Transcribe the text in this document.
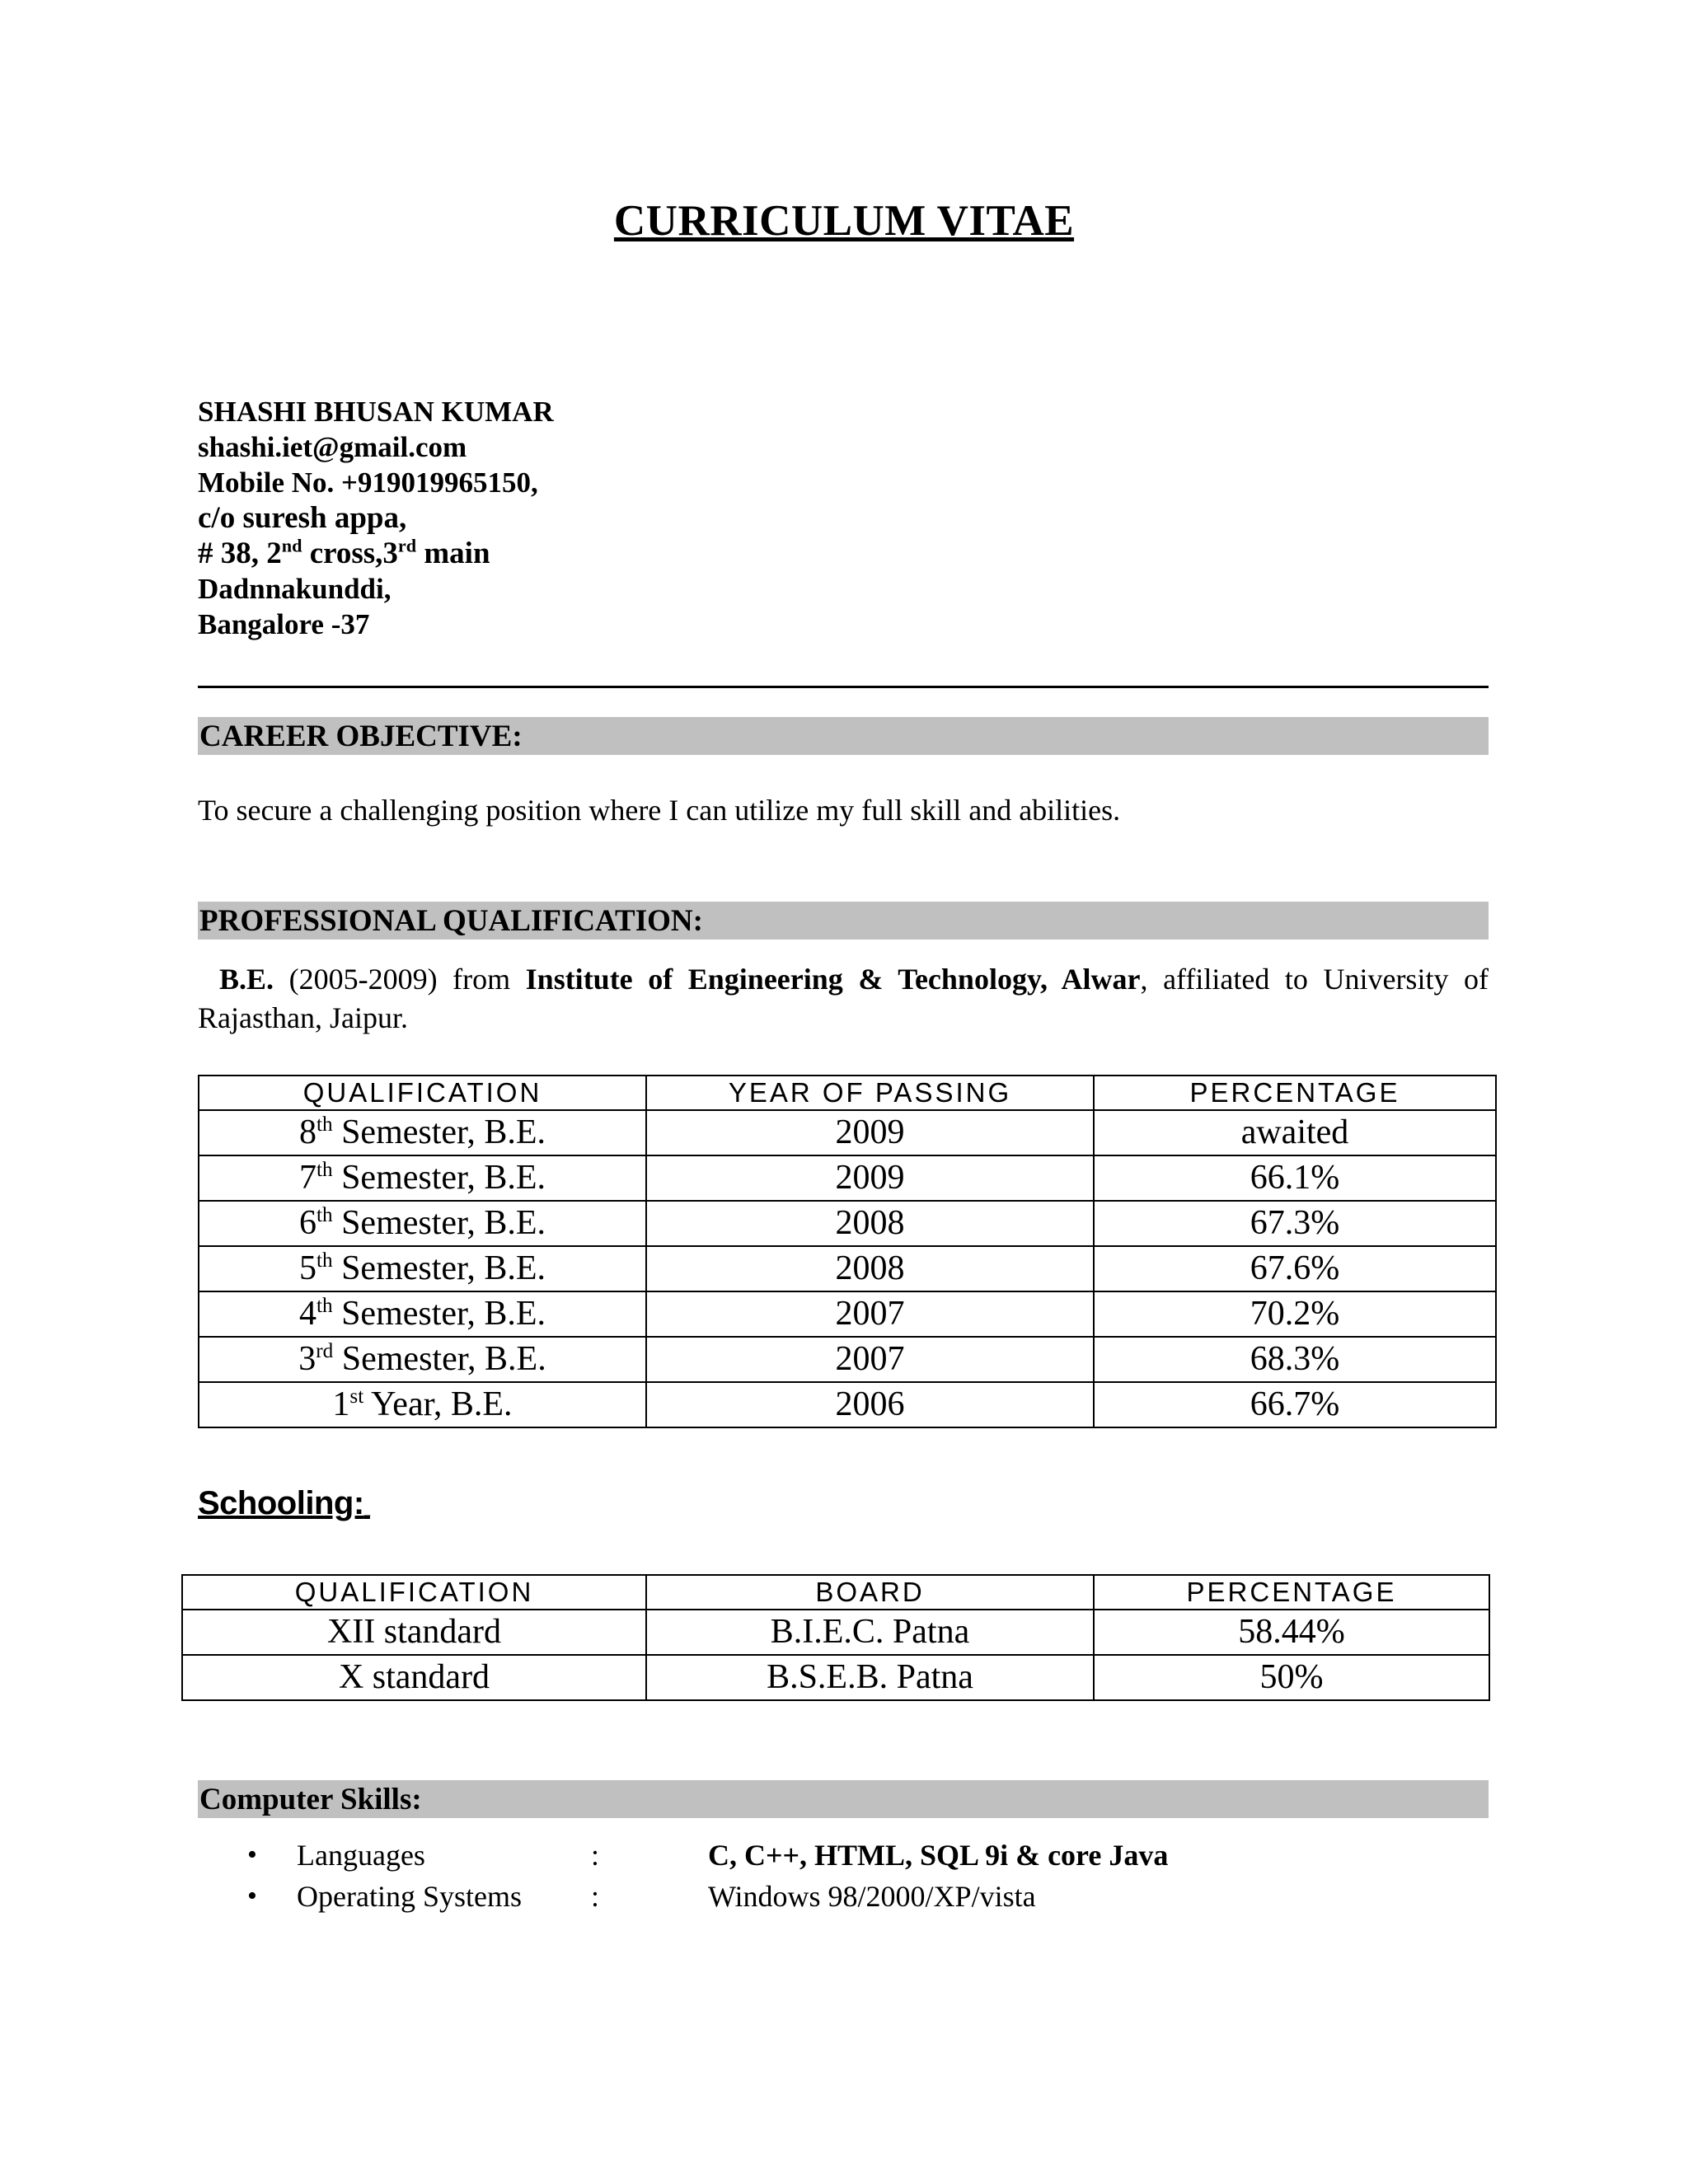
CURRICULUM VITAE
SHASHI BHUSAN KUMAR
shashi.iet@gmail.com
Mobile No. +919019965150,
c/o suresh appa,
# 38, 2nd cross,3rd main
Dadnnakunddi,
Bangalore -37
CAREER OBJECTIVE:
To secure a challenging position where I can utilize my full skill and abilities.
PROFESSIONAL QUALIFICATION:
B.E. (2005-2009) from Institute of Engineering & Technology, Alwar, affiliated to University of Rajasthan, Jaipur.
QUALIFICATION	YEAR OF PASSING	PERCENTAGE
8th Semester, B.E.	2009	awaited
7th Semester, B.E.	2009	66.1%
6th Semester, B.E.	2008	67.3%
5th Semester, B.E.	2008	67.6%
4th Semester, B.E.	2007	70.2%
3rd Semester, B.E.	2007	68.3%
1st Year, B.E.	2006	66.7%
Schooling:_
QUALIFICATION	BOARD	PERCENTAGE
XII standard	B.I.E.C. Patna	58.44%
X standard	B.S.E.B. Patna	50%
Computer Skills:
• Languages	:	C, C++, HTML, SQL 9i & core Java
• Operating Systems :	Windows 98/2000/XP/vista
